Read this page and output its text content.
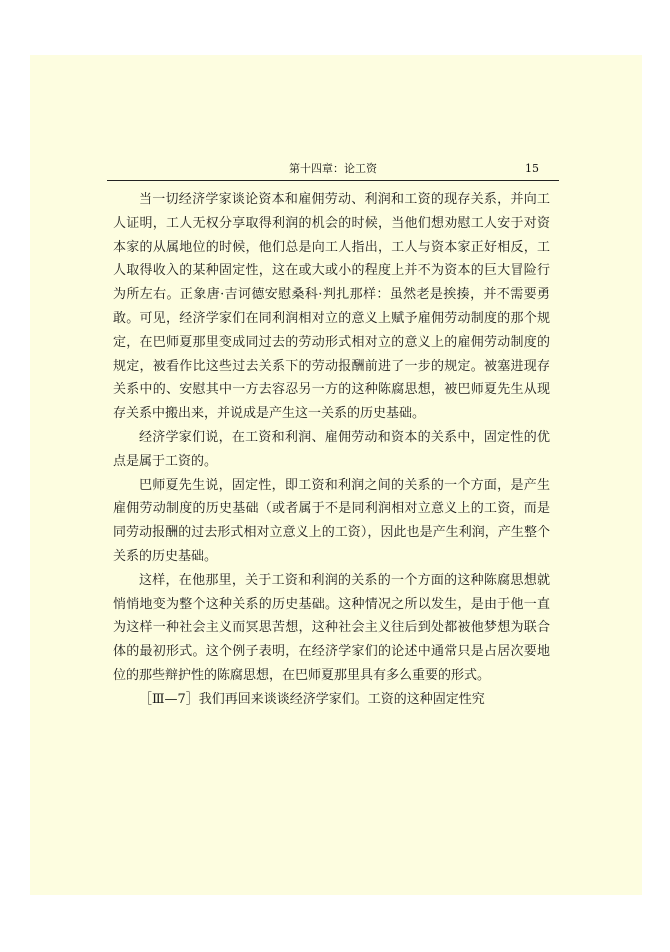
第十四章：论工资	15

当一切经济学家谈论资本和雇佣劳动、利润和工资的现存关系，并向工人证明，工人无权分享取得利润的机会的时候，当他们想劝慰工人安于对资本家的从属地位的时候，他们总是向工人指出，工人与资本家正好相反，工人取得收入的某种固定性，这在或大或小的程度上并不为资本的巨大冒险行为所左右。正象唐·吉诃德安慰桑科·判扎那样：虽然老是挨揍，并不需要勇敢。可见，经济学家们在同利润相对立的意义上赋予雇佣劳动制度的那个规定，在巴师夏那里变成同过去的劳动形式相对立的意义上的雇佣劳动制度的规定，被看作比这些过去关系下的劳动报酬前进了一步的规定。被塞进现存关系中的、安慰其中一方去容忍另一方的这种陈腐思想，被巴师夏先生从现存关系中搬出来，并说成是产生这一关系的历史基础。

经济学家们说，在工资和利润、雇佣劳动和资本的关系中，固定性的优点是属于工资的。

巴师夏先生说，固定性，即工资和利润之间的关系的一个方面，是产生雇佣劳动制度的历史基础（或者属于不是同利润相对立意义上的工资，而是同劳动报酬的过去形式相对立意义上的工资），因此也是产生利润，产生整个关系的历史基础。

这样，在他那里，关于工资和利润的关系的一个方面的这种陈腐思想就悄悄地变为整个这种关系的历史基础。这种情况之所以发生，是由于他一直为这样一种社会主义而冥思苦想，这种社会主义往后到处都被他梦想为联合体的最初形式。这个例子表明，在经济学家们的论述中通常只是占居次要地位的那些辩护性的陈腐思想，在巴师夏那里具有多么重要的形式。

［Ⅲ—7］我们再回来谈谈经济学家们。工资的这种固定性究
